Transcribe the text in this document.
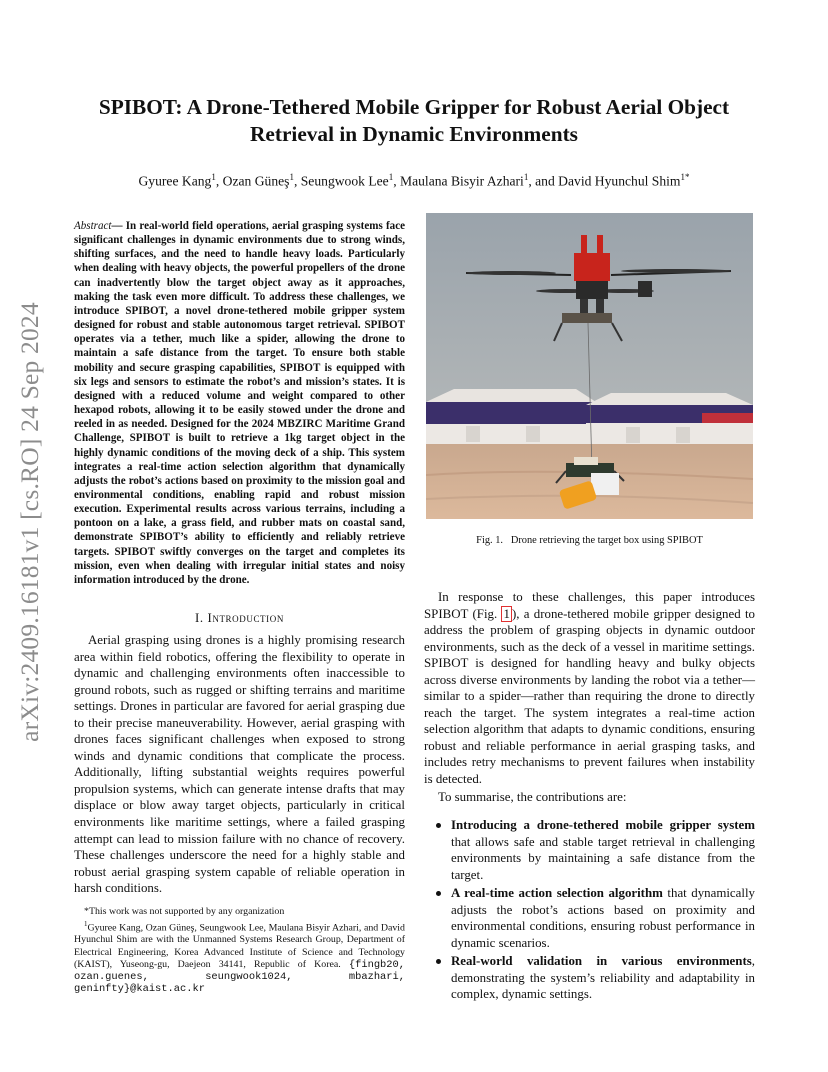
arXiv:2409.16181v1 [cs.RO] 24 Sep 2024
SPIBOT: A Drone-Tethered Mobile Gripper for Robust Aerial Object Retrieval in Dynamic Environments
Gyuree Kang$^1$, Ozan Güneş$^1$, Seungwook Lee$^1$, Maulana Bisyir Azhari$^1$, and David Hyunchul Shim$^{1*}$
Abstract— In real-world field operations, aerial grasping systems face significant challenges in dynamic environments due to strong winds, shifting surfaces, and the need to handle heavy loads. Particularly when dealing with heavy objects, the powerful propellers of the drone can inadvertently blow the target object away as it approaches, making the task even more difficult. To address these challenges, we introduce SPIBOT, a novel drone-tethered mobile gripper system designed for robust and stable autonomous target retrieval. SPIBOT operates via a tether, much like a spider, allowing the drone to maintain a safe distance from the target. To ensure both stable mobility and secure grasping capabilities, SPIBOT is equipped with six legs and sensors to estimate the robot’s and mission’s states. It is designed with a reduced volume and weight compared to other hexapod robots, allowing it to be easily stowed under the drone and reeled in as needed. Designed for the 2024 MBZIRC Maritime Grand Challenge, SPIBOT is built to retrieve a 1kg target object in the highly dynamic conditions of the moving deck of a ship. This system integrates a real-time action selection algorithm that dynamically adjusts the robot’s actions based on proximity to the mission goal and environmental conditions, enabling rapid and robust mission execution. Experimental results across various terrains, including a pontoon on a lake, a grass field, and rubber mats on coastal sand, demonstrate SPIBOT’s ability to efficiently and reliably retrieve targets. SPIBOT swiftly converges on the target and completes its mission, even when dealing with irregular initial states and noisy information introduced by the drone.
I. Introduction

Aerial grasping using drones is a highly promising research area within field robotics, offering the flexibility to operate in dynamic and challenging environments often inaccessible to ground robots, such as rugged or shifting terrains and maritime settings. Drones in particular are favored for aerial grasping due to their precise maneuverability. However, aerial grasping with drones faces significant challenges when exposed to strong winds and dynamic conditions that complicate the process. Additionally, lifting substantial weights requires powerful propulsion systems, which can generate intense drafts that may displace or blow away target objects, particularly in critical environments like maritime settings, where a failed grasping attempt can lead to mission failure with no chance of recovery. These challenges underscore the need for a highly stable and robust aerial grasping system capable of reliable operation in harsh conditions.

*This work was not supported by any organization

$^1$Gyuree Kang, Ozan Güneş, Seungwook Lee, Maulana Bisyir Azhari, and David Hyunchul Shim are with the Unmanned Systems Research Group, Department of Electrical Engineering, Korea Advanced Institute of Science and Technology (KAIST), Yuseong-gu, Daejeon 34141, Republic of Korea. {fingb20, ozan.guenes, seungwook1024, mbazhari, geninfty}@kaist.ac.kr

Fig. 1.   Drone retrieving the target box using SPIBOT

In response to these challenges, this paper introduces SPIBOT (Fig. 1 ), a drone-tethered mobile gripper designed to address the problem of grasping objects in dynamic outdoor environments, such as the deck of a vessel in maritime settings. SPIBOT is designed for handling heavy and bulky objects across diverse environments by landing the robot via a tether—similar to a spider—rather than requiring the drone to directly reach the target. The system integrates a real-time action selection algorithm that adapts to dynamic conditions, ensuring robust and reliable performance in aerial grasping tasks, and includes retry mechanisms to prevent failures when instability is detected.

To summarise, the contributions are:
Introducing a drone-tethered mobile gripper system that allows safe and stable target retrieval in challenging environments by maintaining a safe distance from the target.
A real-time action selection algorithm that dynamically adjusts the robot’s actions based on proximity and environmental conditions, ensuring robust performance in dynamic scenarios.
Real-world validation in various environments, demonstrating the system’s reliability and adaptability in complex, dynamic settings.
